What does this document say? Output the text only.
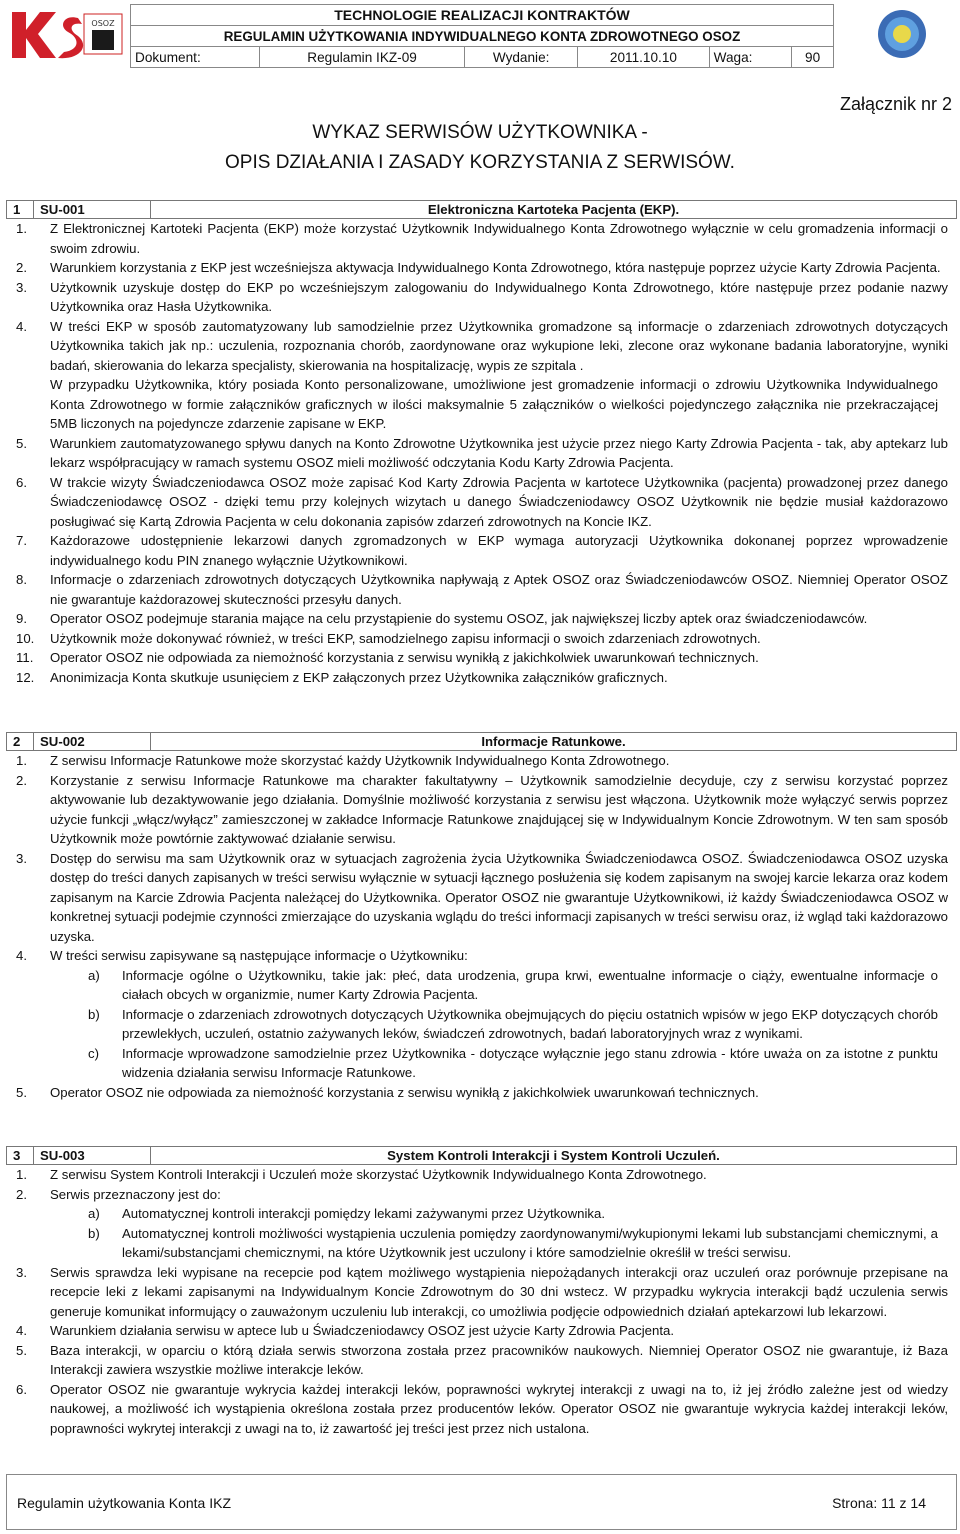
OSOZ
TECHNOLOGIE REALIZACJI KONTRAKTÓW
REGULAMIN UŻYTKOWANIA INDYWIDUALNEGO KONTA ZDROWOTNEGO OSOZ
Dokument:	Regulamin IKZ-09	Wydanie:	2011.10.10	Waga:	90
Załącznik nr 2
WYKAZ SERWISÓW UŻYTKOWNIKA -
OPIS DZIAŁANIA I ZASADY KORZYSTANIA Z SERWISÓW.
1	SU-001	Elektroniczna Kartoteka Pacjenta (EKP).
1. Z Elektronicznej Kartoteki Pacjenta (EKP) może korzystać Użytkownik Indywidualnego Konta Zdrowotnego wyłącznie w celu gromadzenia informacji o swoim zdrowiu.
2. Warunkiem korzystania z EKP jest wcześniejsza aktywacja Indywidualnego Konta Zdrowotnego, która następuje poprzez użycie Karty Zdrowia Pacjenta.
3. Użytkownik uzyskuje dostęp do EKP po wcześniejszym zalogowaniu do Indywidualnego Konta Zdrowotnego, które następuje przez podanie nazwy Użytkownika oraz Hasła Użytkownika.
4. W treści EKP w sposób zautomatyzowany lub samodzielnie przez Użytkownika gromadzone są informacje o zdarzeniach zdrowotnych dotyczących Użytkownika takich jak np.: uczulenia, rozpoznania chorób, zaordynowane oraz wykupione leki, zlecone oraz wykonane badania laboratoryjne, wyniki badań, skierowania do lekarza specjalisty, skierowania na hospitalizację, wypis ze szpitala .
W przypadku Użytkownika, który posiada Konto personalizowane, umożliwione jest gromadzenie informacji o zdrowiu Użytkownika Indywidualnego Konta Zdrowotnego w formie załączników graficznych w ilości maksymalnie 5 załączników o wielkości pojedynczego załącznika nie przekraczającej 5MB liczonych na pojedyncze zdarzenie zapisane w EKP.
5. Warunkiem zautomatyzowanego spływu danych na Konto Zdrowotne Użytkownika jest użycie przez niego Karty Zdrowia Pacjenta - tak, aby aptekarz lub lekarz współpracujący w ramach systemu OSOZ mieli możliwość odczytania Kodu Karty Zdrowia Pacjenta.
6. W trakcie wizyty Świadczeniodawca OSOZ może zapisać Kod Karty Zdrowia Pacjenta w kartotece Użytkownika (pacjenta) prowadzonej przez danego Świadczeniodawcę OSOZ - dzięki temu przy kolejnych wizytach u danego Świadczeniodawcy OSOZ Użytkownik nie będzie musiał każdorazowo posługiwać się Kartą Zdrowia Pacjenta w celu dokonania zapisów zdarzeń zdrowotnych na Koncie IKZ.
7. Każdorazowe udostępnienie lekarzowi danych zgromadzonych w EKP wymaga autoryzacji Użytkownika dokonanej poprzez wprowadzenie indywidualnego kodu PIN znanego wyłącznie Użytkownikowi.
8. Informacje o zdarzeniach zdrowotnych dotyczących Użytkownika napływają z Aptek OSOZ oraz Świadczeniodawców OSOZ. Niemniej Operator OSOZ nie gwarantuje każdorazowej skuteczności przesyłu danych.
9. Operator OSOZ podejmuje starania mające na celu przystąpienie do systemu OSOZ, jak największej liczby aptek oraz świadczeniodawców.
10. Użytkownik może dokonywać również, w treści EKP, samodzielnego zapisu informacji o swoich zdarzeniach zdrowotnych.
11. Operator OSOZ nie odpowiada za niemożność korzystania z serwisu wynikłą z jakichkolwiek uwarunkowań technicznych.
12. Anonimizacja Konta skutkuje usunięciem z EKP załączonych przez Użytkownika załączników graficznych.
2	SU-002	Informacje Ratunkowe.
1. Z serwisu Informacje Ratunkowe może skorzystać każdy Użytkownik Indywidualnego Konta Zdrowotnego.
2. Korzystanie z serwisu Informacje Ratunkowe ma charakter fakultatywny – Użytkownik samodzielnie decyduje, czy z serwisu korzystać poprzez aktywowanie lub dezaktywowanie jego działania. Domyślnie możliwość korzystania z serwisu jest włączona. Użytkownik może wyłączyć serwis poprzez użycie funkcji „włącz/wyłącz” zamieszczonej w zakładce Informacje Ratunkowe znajdującej się w Indywidualnym Koncie Zdrowotnym. W ten sam sposób Użytkownik może powtórnie zaktywować działanie serwisu.
3. Dostęp do serwisu ma sam Użytkownik oraz w sytuacjach zagrożenia życia Użytkownika Świadczeniodawca OSOZ. Świadczeniodawca OSOZ uzyska dostęp do treści danych zapisanych w treści serwisu wyłącznie w sytuacji łącznego posłużenia się kodem zapisanym na swojej karcie lekarza oraz kodem zapisanym na Karcie Zdrowia Pacjenta należącej do Użytkownika. Operator OSOZ nie gwarantuje Użytkownikowi, iż każdy Świadczeniodawca OSOZ w konkretnej sytuacji podejmie czynności zmierzające do uzyskania wglądu do treści informacji zapisanych w treści serwisu oraz, iż wgląd taki każdorazowo uzyska.
4. W treści serwisu zapisywane są następujące informacje o Użytkowniku:
a) Informacje ogólne o Użytkowniku, takie jak: płeć, data urodzenia, grupa krwi, ewentualne informacje o ciąży, ewentualne informacje o ciałach obcych w organizmie, numer Karty Zdrowia Pacjenta.
b) Informacje o zdarzeniach zdrowotnych dotyczących Użytkownika obejmujących do pięciu ostatnich wpisów w jego EKP dotyczących chorób przewlekłych, uczuleń, ostatnio zażywanych leków, świadczeń zdrowotnych, badań laboratoryjnych wraz z wynikami.
c) Informacje wprowadzone samodzielnie przez Użytkownika - dotyczące wyłącznie jego stanu zdrowia - które uważa on za istotne z punktu widzenia działania serwisu Informacje Ratunkowe.
5. Operator OSOZ nie odpowiada za niemożność korzystania z serwisu wynikłą z jakichkolwiek uwarunkowań technicznych.
3	SU-003	System Kontroli Interakcji i System Kontroli Uczuleń.
1. Z serwisu System Kontroli Interakcji i Uczuleń może skorzystać Użytkownik Indywidualnego Konta Zdrowotnego.
2. Serwis przeznaczony jest do:
a) Automatycznej kontroli interakcji pomiędzy lekami zażywanymi przez Użytkownika.
b) Automatycznej kontroli możliwości wystąpienia uczulenia pomiędzy zaordynowanymi/wykupionymi lekami lub substancjami chemicznymi, a lekami/substancjami chemicznymi, na które Użytkownik jest uczulony i które samodzielnie określił w treści serwisu.
3. Serwis sprawdza leki wypisane na recepcie pod kątem możliwego wystąpienia niepożądanych interakcji oraz uczuleń oraz porównuje przepisane na recepcie leki z lekami zapisanymi na Indywidualnym Koncie Zdrowotnym do 30 dni wstecz. W przypadku wykrycia interakcji bądź uczulenia serwis generuje komunikat informujący o zauważonym uczuleniu lub interakcji, co umożliwia podjęcie odpowiednich działań aptekarzowi lub lekarzowi.
4. Warunkiem działania serwisu w aptece lub u Świadczeniodawcy OSOZ jest użycie Karty Zdrowia Pacjenta.
5. Baza interakcji, w oparciu o którą działa serwis stworzona została przez pracowników naukowych. Niemniej Operator OSOZ nie gwarantuje, iż Baza Interakcji zawiera wszystkie możliwe interakcje leków.
6. Operator OSOZ nie gwarantuje wykrycia każdej interakcji leków, poprawności wykrytej interakcji z uwagi na to, iż jej źródło zależne jest od wiedzy naukowej, a możliwość ich wystąpienia określona została przez producentów leków. Operator OSOZ nie gwarantuje wykrycia każdej interakcji leków, poprawności wykrytej interakcji z uwagi na to, iż zawartość jej treści jest przez nich ustalona.
Regulamin użytkowania Konta IKZ	Strona: 11 z 14
